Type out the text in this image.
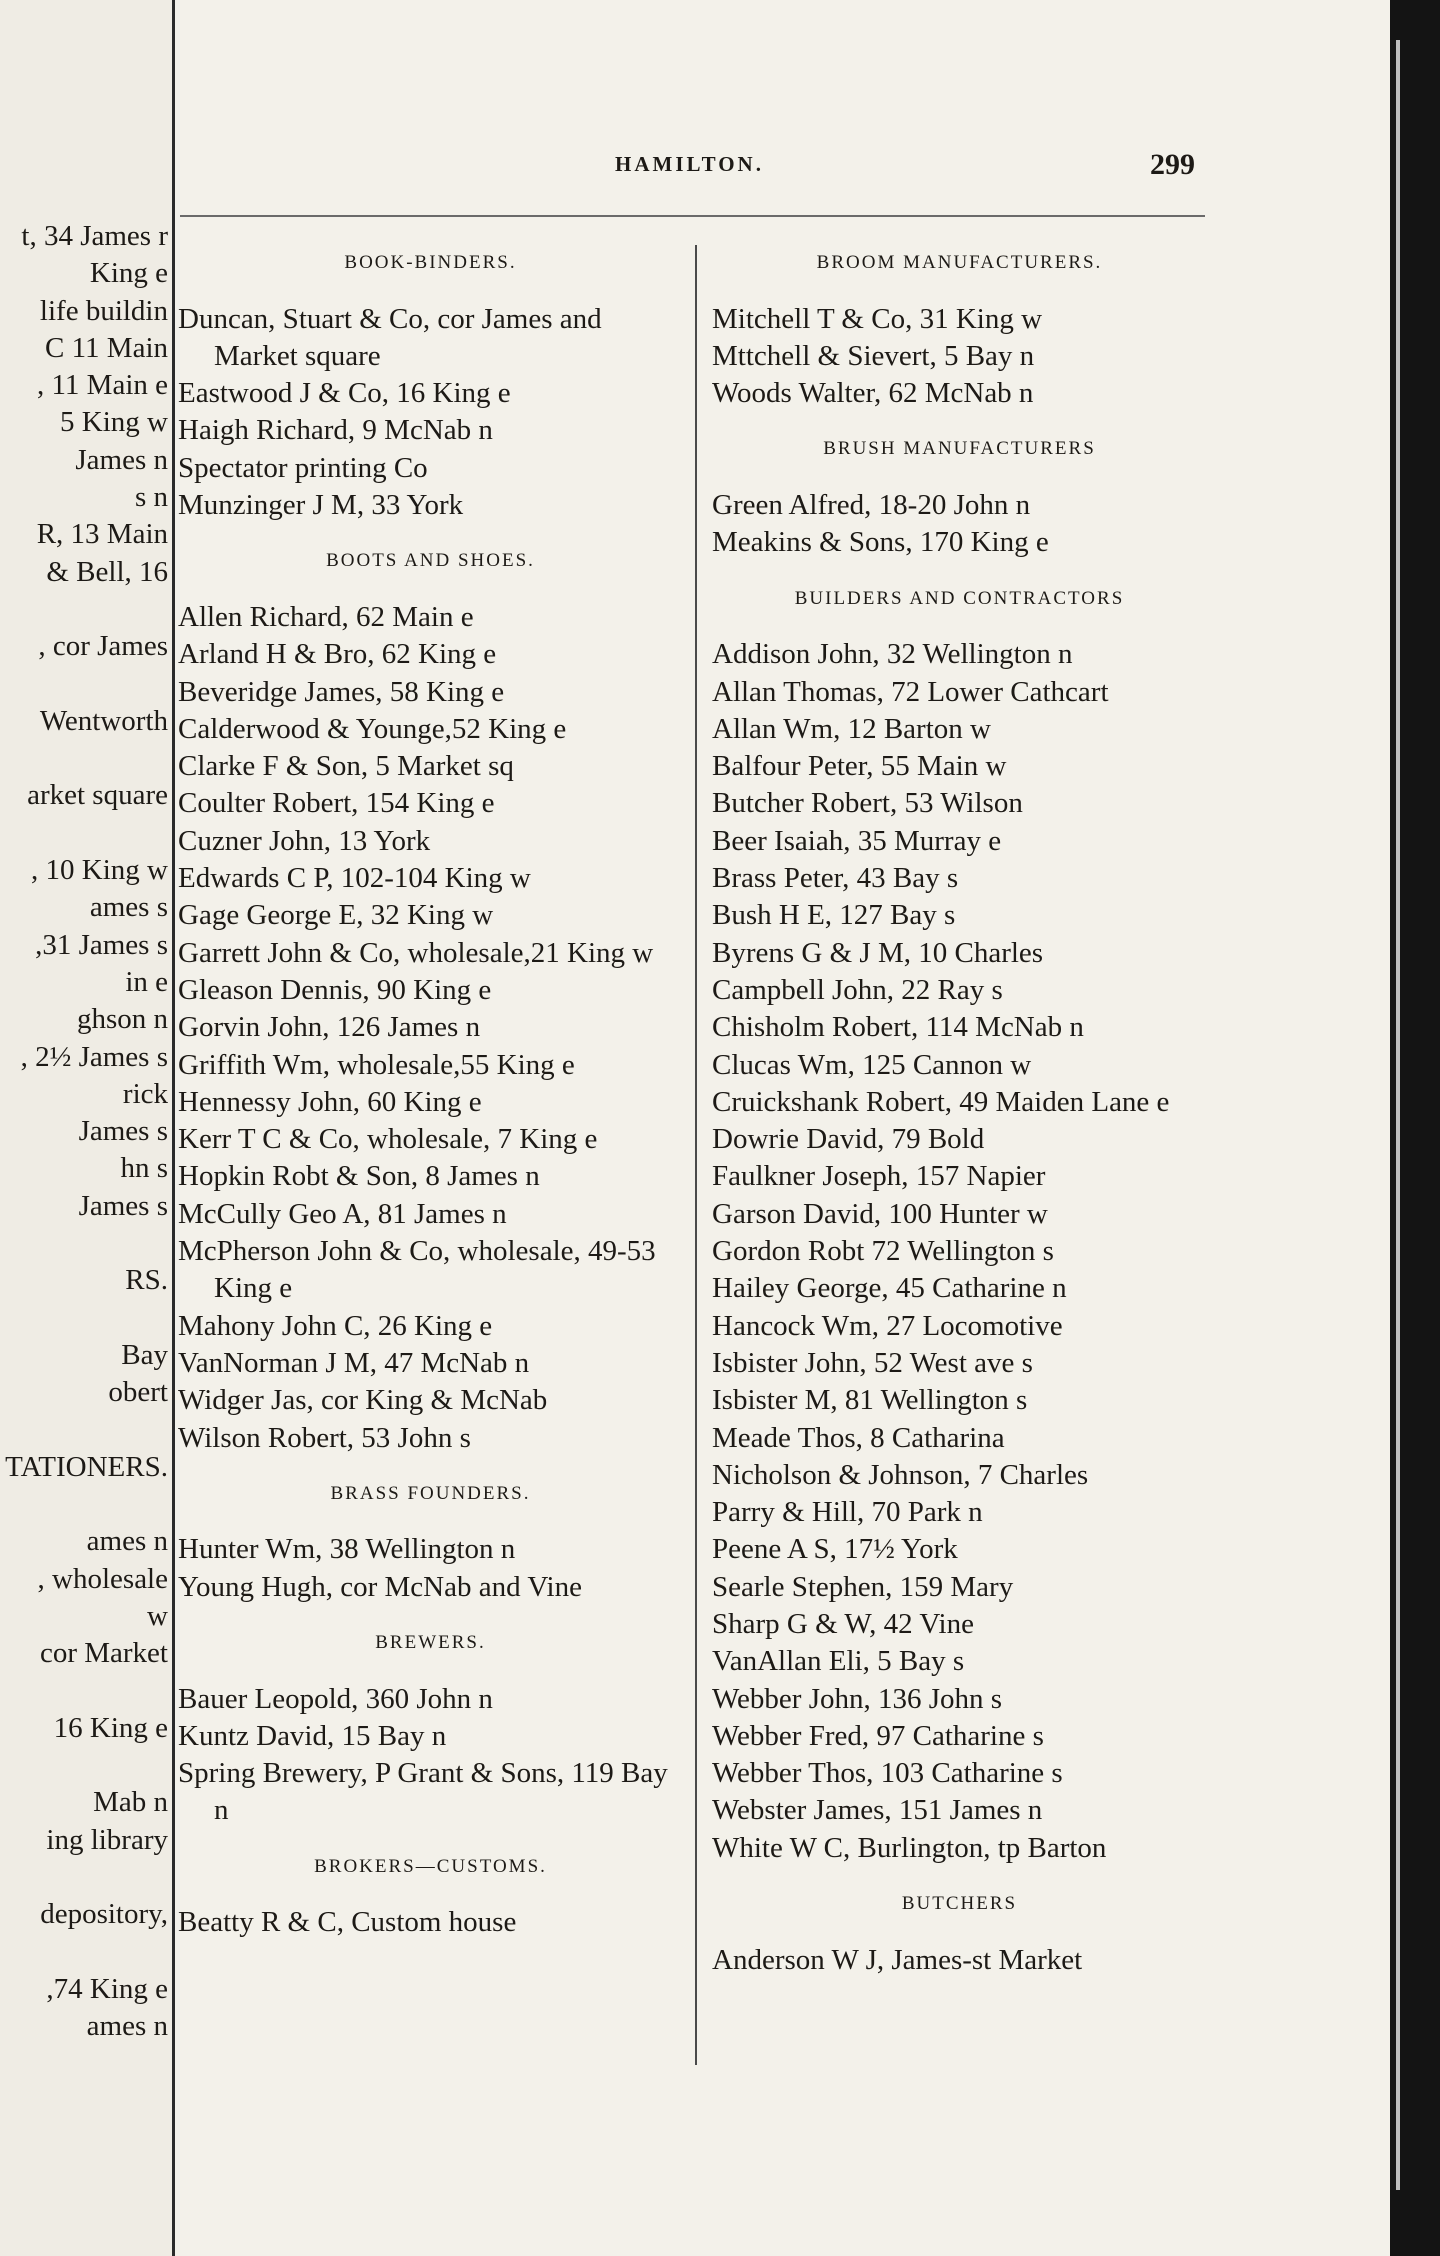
t, 34 James r
King e
life buildin
C 11 Main
, 11 Main e
5 King w
James n
s n
R, 13 Main
& Bell, 16

, cor James

Wentworth

arket square

, 10 King w
ames s
,31 James s
in e
ghson n
, 2½ James s
rick
James s
hn s
James s

RS.

Bay
obert

TATIONERS.

ames n
, wholesale
w
cor Market

16 King e

Mab n
ing library

depository,

,74 King e
ames n
HAMILTON.	299
BOOK-BINDERS.
Duncan, Stuart & Co, cor James and Market square
Eastwood J & Co, 16 King e
Haigh Richard, 9 McNab n
Spectator printing Co
Munzinger J M, 33 York
BOOTS AND SHOES.
Allen Richard, 62 Main e
Arland H & Bro, 62 King e
Beveridge James, 58 King e
Calderwood & Younge,52 King e
Clarke F & Son, 5 Market sq
Coulter Robert, 154 King e
Cuzner John, 13 York
Edwards C P, 102-104 King w
Gage George E, 32 King w
Garrett John & Co, wholesale,21 King w
Gleason Dennis, 90 King e
Gorvin John, 126 James n
Griffith Wm, wholesale,55 King e
Hennessy John, 60 King e
Kerr T C & Co, wholesale, 7 King e
Hopkin Robt & Son, 8 James n
McCully Geo A, 81 James n
McPherson John & Co, wholesale, 49-53 King e
Mahony John C, 26 King e
VanNorman J M, 47 McNab n
Widger Jas, cor King & McNab
Wilson Robert, 53 John s
BRASS FOUNDERS.
Hunter Wm, 38 Wellington n
Young Hugh, cor McNab and Vine
BREWERS.
Bauer Leopold, 360 John n
Kuntz David, 15 Bay n
Spring Brewery, P Grant & Sons, 119 Bay n
BROKERS—CUSTOMS.
Beatty R & C, Custom house
BROOM MANUFACTURERS.
Mitchell T & Co, 31 King w
Mttchell & Sievert, 5 Bay n
Woods Walter, 62 McNab n
BRUSH MANUFACTURERS
Green Alfred, 18-20 John n
Meakins & Sons, 170 King e
BUILDERS AND CONTRACTORS
Addison John, 32 Wellington n
Allan Thomas, 72 Lower Cathcart
Allan Wm, 12 Barton w
Balfour Peter, 55 Main w
Butcher Robert, 53 Wilson
Beer Isaiah, 35 Murray e
Brass Peter, 43 Bay s
Bush H E, 127 Bay s
Byrens G & J M, 10 Charles
Campbell John, 22 Ray s
Chisholm Robert, 114 McNab n
Clucas Wm, 125 Cannon w
Cruickshank Robert, 49 Maiden Lane e
Dowrie David, 79 Bold
Faulkner Joseph, 157 Napier
Garson David, 100 Hunter w
Gordon Robt 72 Wellington s
Hailey George, 45 Catharine n
Hancock Wm, 27 Locomotive
Isbister John, 52 West ave s
Isbister M, 81 Wellington s
Meade Thos, 8 Catharina
Nicholson & Johnson, 7 Charles
Parry & Hill, 70 Park n
Peene A S, 17½ York
Searle Stephen, 159 Mary
Sharp G & W, 42 Vine
VanAllan Eli, 5 Bay s
Webber John, 136 John s
Webber Fred, 97 Catharine s
Webber Thos, 103 Catharine s
Webster James, 151 James n
White W C, Burlington, tp Barton
BUTCHERS
Anderson W J, James-st Market
